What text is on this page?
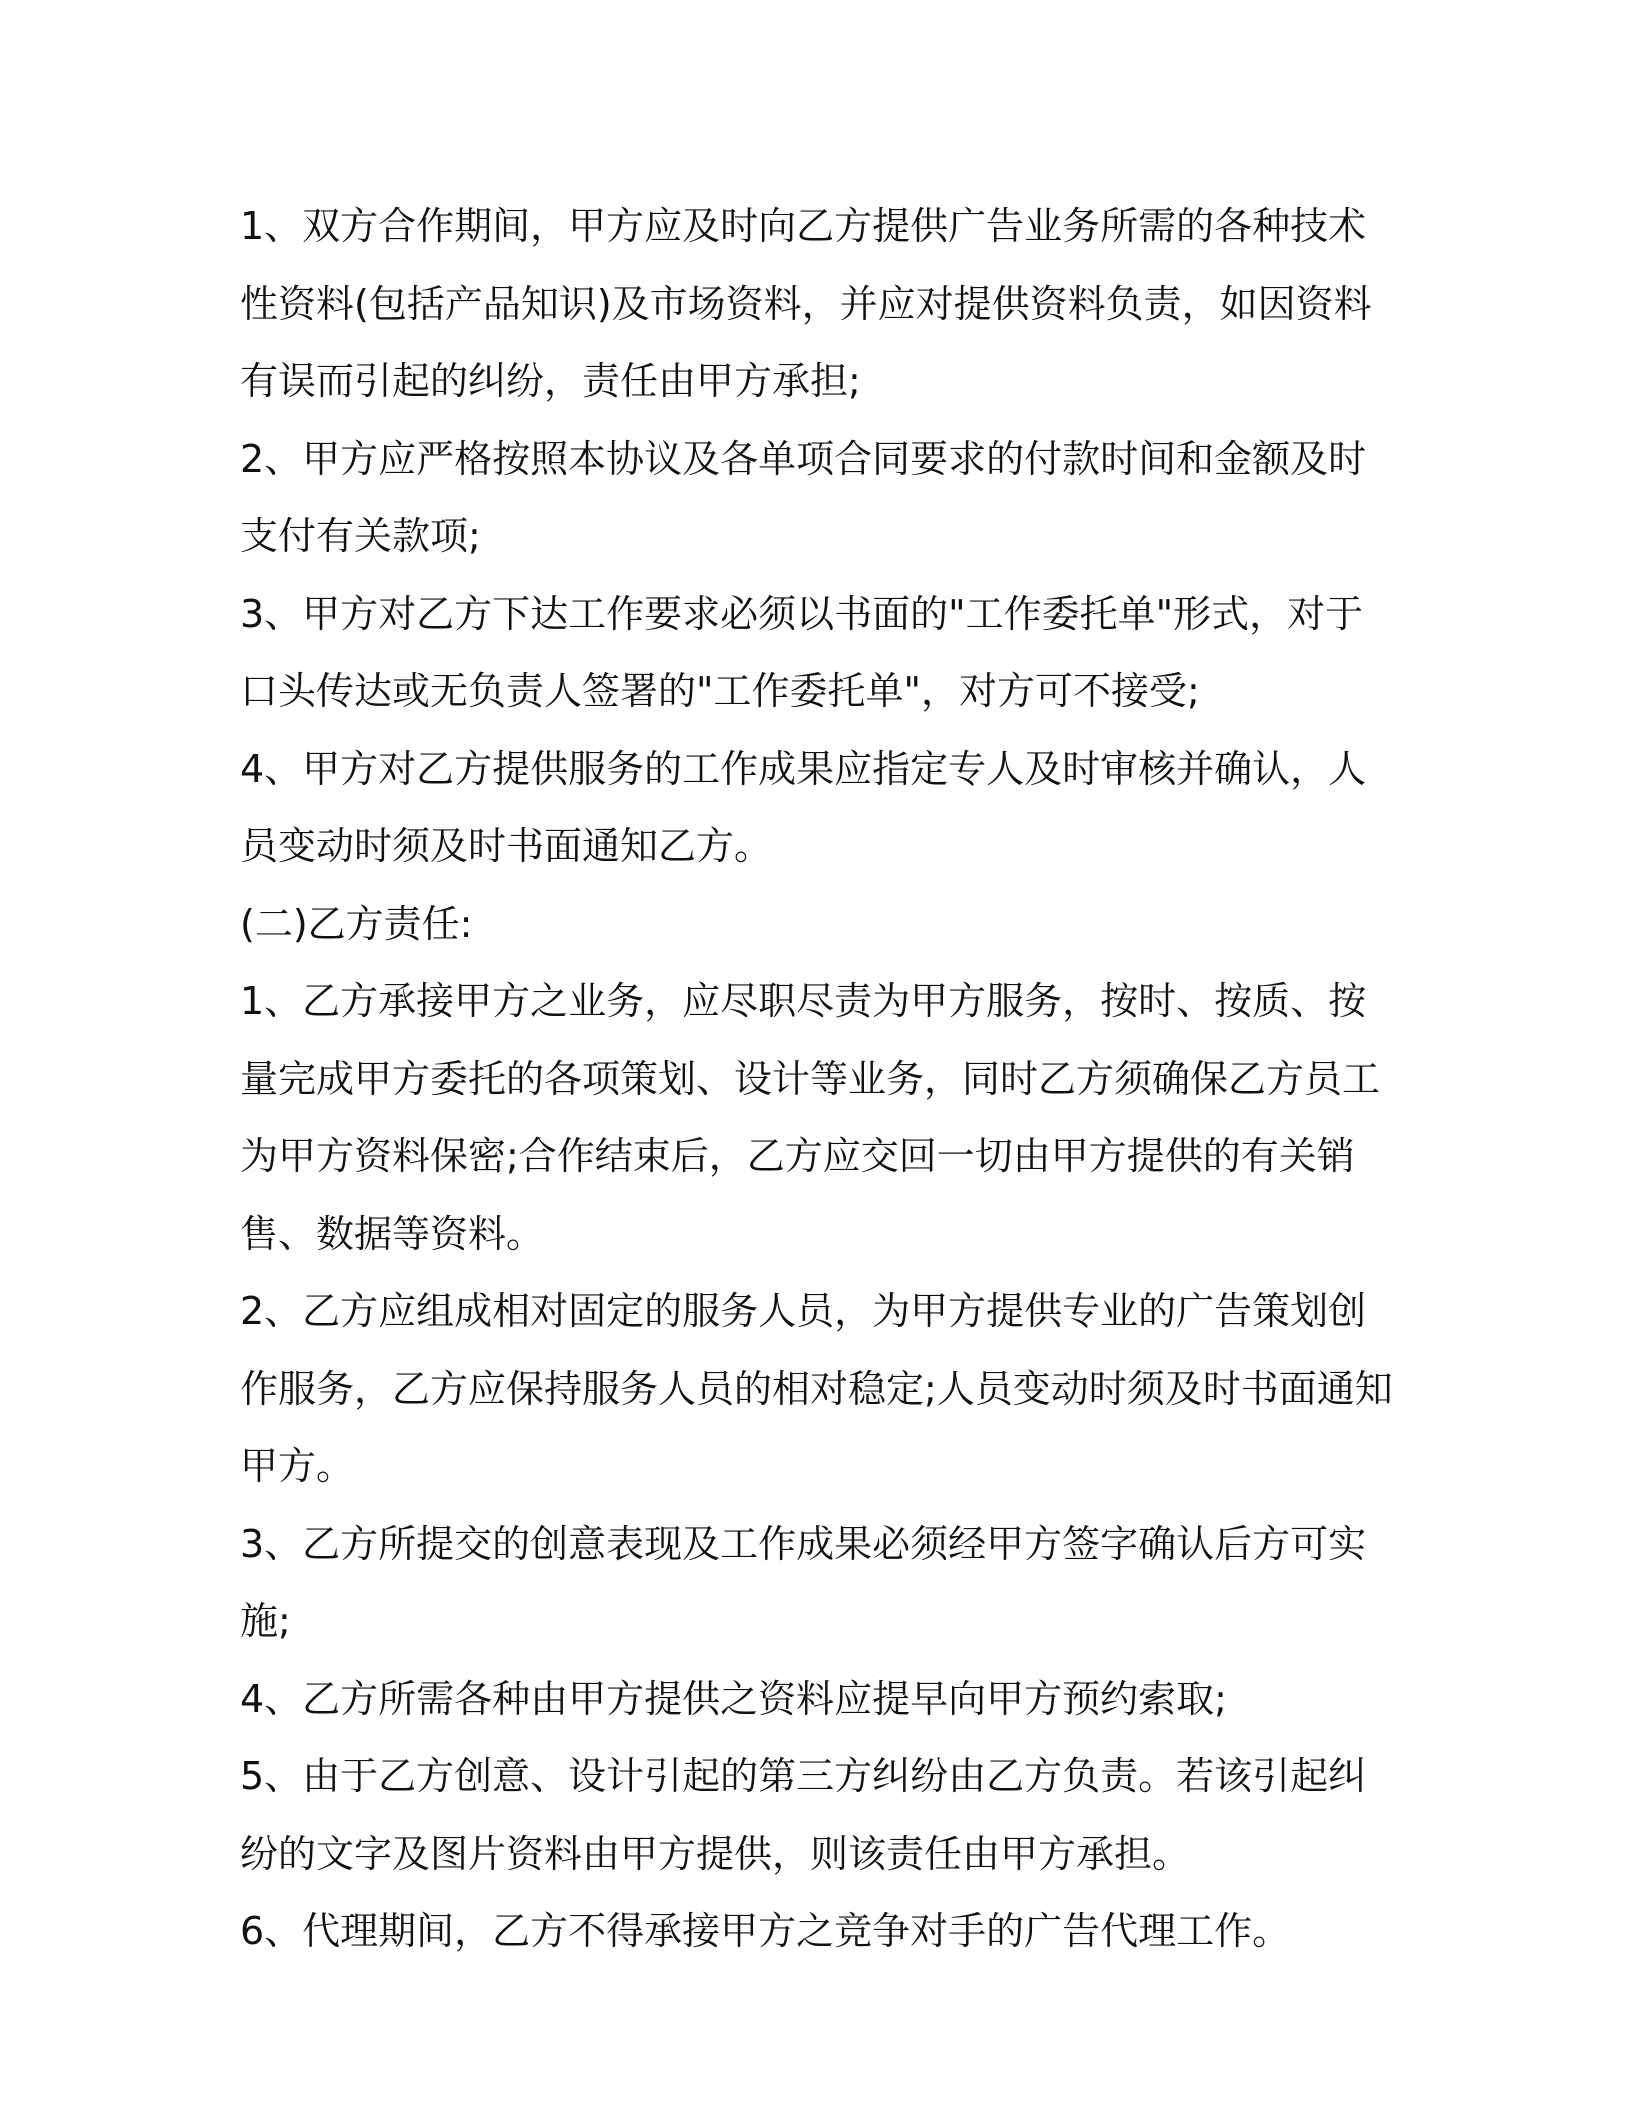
1、双方合作期间，甲方应及时向乙方提供广告业务所需的各种技术性资料(包括产品知识)及市场资料，并应对提供资料负责，如因资料有误而引起的纠纷，责任由甲方承担;

2、甲方应严格按照本协议及各单项合同要求的付款时间和金额及时支付有关款项;

3、甲方对乙方下达工作要求必须以书面的"工作委托单"形式，对于口头传达或无负责人签署的"工作委托单"，对方可不接受;

4、甲方对乙方提供服务的工作成果应指定专人及时审核并确认，人员变动时须及时书面通知乙方。

(二)乙方责任:

1、乙方承接甲方之业务，应尽职尽责为甲方服务，按时、按质、按量完成甲方委托的各项策划、设计等业务，同时乙方须确保乙方员工为甲方资料保密;合作结束后，乙方应交回一切由甲方提供的有关销售、数据等资料。

2、乙方应组成相对固定的服务人员，为甲方提供专业的广告策划创作服务，乙方应保持服务人员的相对稳定;人员变动时须及时书面通知甲方。

3、乙方所提交的创意表现及工作成果必须经甲方签字确认后方可实施;

4、乙方所需各种由甲方提供之资料应提早向甲方预约索取;

5、由于乙方创意、设计引起的第三方纠纷由乙方负责。若该引起纠纷的文字及图片资料由甲方提供，则该责任由甲方承担。

6、代理期间，乙方不得承接甲方之竞争对手的广告代理工作。
